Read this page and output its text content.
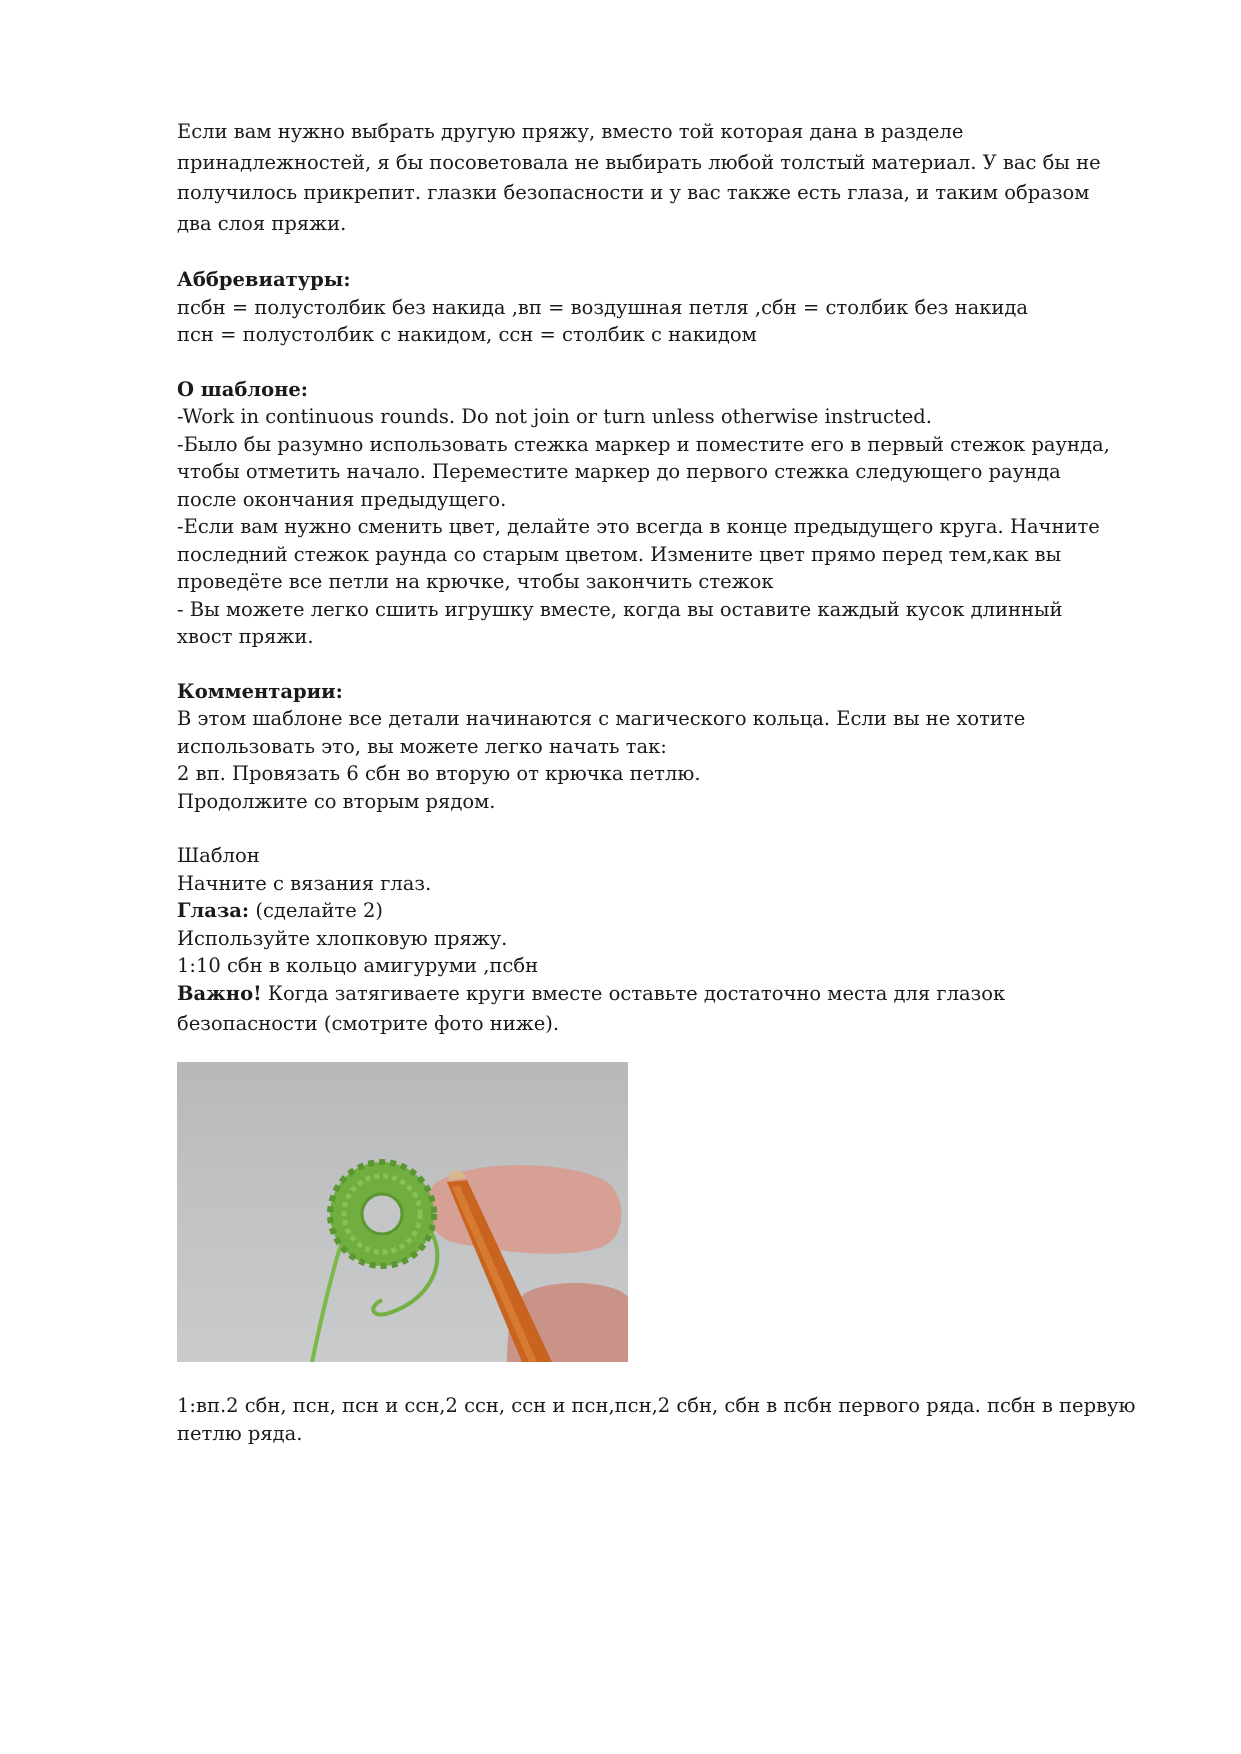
Если вам нужно выбрать другую пряжу, вместо той которая дана в разделе

принадлежностей, я бы посоветовала не выбирать любой толстый материал. У вас бы не

получилось прикрепит. глазки безопасности и у вас также есть глаза, и таким образом

два слоя пряжи.

Аббревиатуры:

псбн = полустолбик без накида ,вп = воздушная петля ,сбн = столбик без накида

псн = полустолбик с накидом, ссн = столбик с накидом

О шаблоне:

-Work in continuous rounds. Do not join or turn unless otherwise instructed.

-Было бы разумно использовать стежка маркер и поместите его в первый стежок раунда,

чтобы отметить начало. Переместите маркер до первого стежка следующего раунда

после окончания предыдущего.

-Если вам нужно сменить цвет, делайте это всегда в конце предыдущего круга. Начните

последний стежок раунда со старым цветом. Измените цвет прямо перед тем,как вы

проведёте все петли на крючке, чтобы закончить стежок

- Вы можете легко сшить игрушку вместе, когда вы оставите каждый кусок длинный

хвост пряжи.

Комментарии:

В этом шаблоне все детали начинаются с магического кольца. Если вы не хотите

использовать это, вы можете легко начать так:

2 вп. Провязать 6 сбн во вторую от крючка петлю.

Продолжите со вторым рядом.

Шаблон

Начните с вязания глаз.

Глаза: (сделайте 2)

Используйте хлопковую пряжу.

1:10 сбн в кольцо амигуруми ,псбн

Важно! Когда затягиваете круги вместе оставьте достаточно места для глазок

безопасности (смотрите фото ниже).

1:вп.2 сбн, псн, псн и ссн,2 ссн, ссн и псн,псн,2 сбн, сбн в псбн первого ряда. псбн в первую

петлю ряда.
